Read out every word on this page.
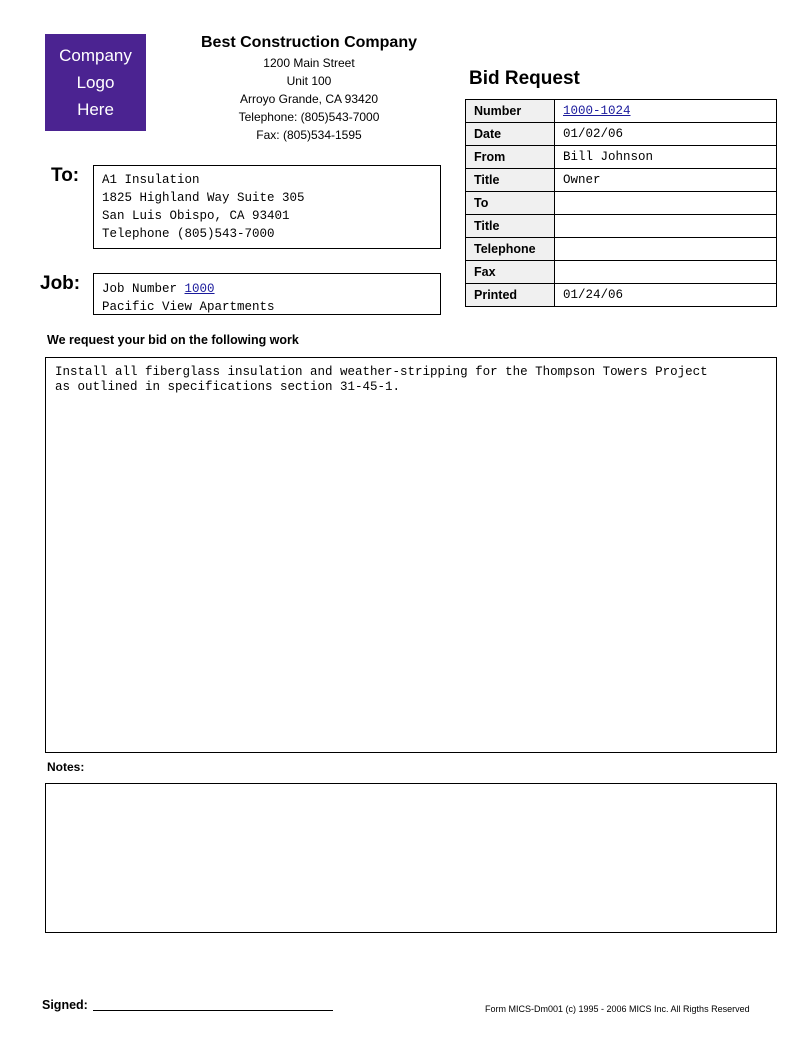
Company
Logo
Here
Best Construction Company
1200 Main Street
Unit 100
Arroyo Grande, CA 93420
Telephone: (805)543-7000
Fax: (805)534-1595
To: A1 Insulation
1825 Highland Way Suite 305
San Luis Obispo, CA 93401
Telephone (805)543-7000
Job: Job Number 1000
Pacific View Apartments
Bid Request
Number	1000-1024
Date	01/02/06
From	Bill Johnson
Title	Owner
To	
Title	
Telephone	
Fax	
Printed	01/24/06
We request your bid on the following work
Install all fiberglass insulation and weather-stripping for the Thompson Towers Project
as outlined in specifications section 31-45-1.
Notes:
Signed:	Form MICS-Dm001 (c) 1995 - 2006 MICS Inc. All Rigths Reserved
